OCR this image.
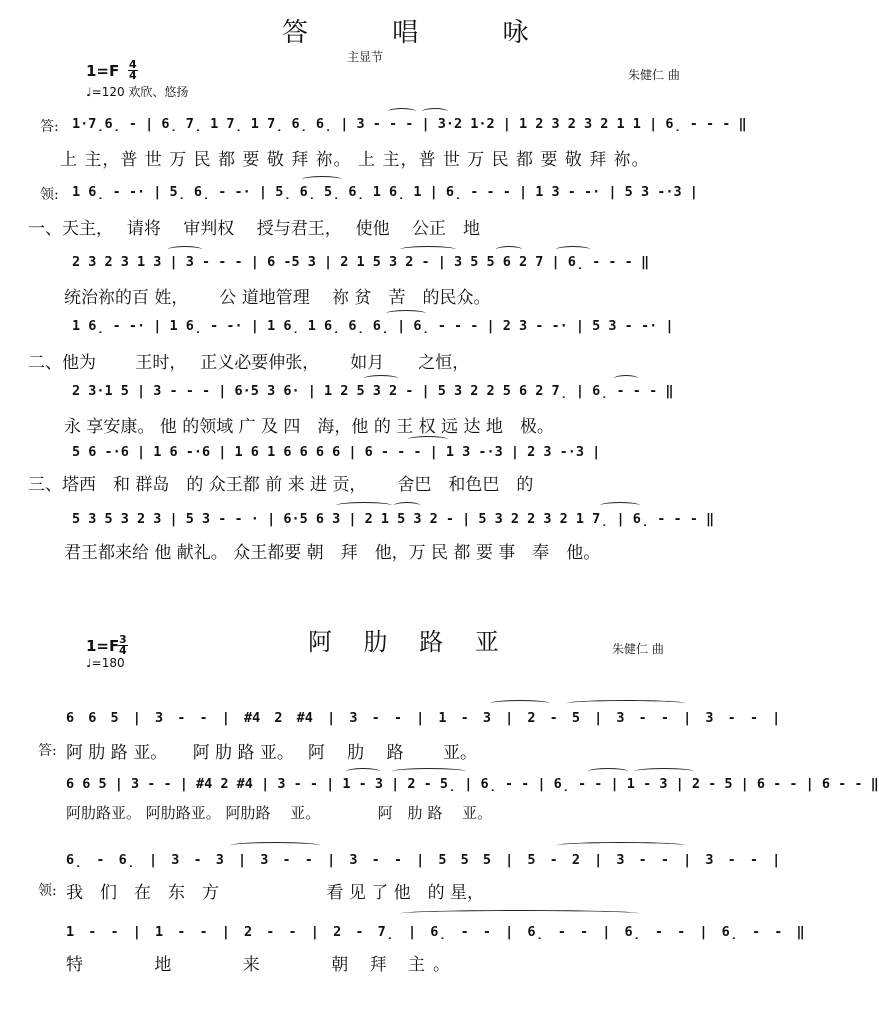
答 唱 咏
主显节
1=F 4
4
♩=120 欢欣、悠扬
朱健仁 曲
答: 1·7̣6̣ - | 6̣ 7̣ 1 7̣ 1 7̣ 6̣ 6̣ | 3 - - - | 3·2 1·2 | 1 2 3 2 3 2 1 1 | 6̣ - - - ‖
上 主，普 世 万 民 都 要 敬 拜 祢。 上 主，普 世 万 民 都 要 敬 拜 祢。
领: 1 6̣ - -· | 5̣ 6̣ - -· | 5̣ 6̣ 5̣ 6̣ 1 6̣ 1 | 6̣ - - - | 1 3 - -· | 5 3 -·3 |
一、天主，　 请将　 审判权　 授与君王，　 使他　 公正　地
2 3 2 3 1 3 | 3 - - - | 6 -5 3 | 2 1 5 3 2 - | 3 5 5 6 2 7 | 6̣ - - - ‖
统治祢的百 姓，　　 公 道地管理　 祢 贫　苦　的民众。
1 6̣ - -· | 1 6̣ - -· | 1 6̣ 1 6̣ 6̣ 6̣ | 6̣ - - - | 2 3 - -· | 5 3 - -· |
二、他为　　 王时，　 正义必要伸张，　　 如月　　之恒，
2 3·1 5 | 3 - - - | 6·5 3 6· | 1 2 5 3 2 - | 5 3 2 2 5 6 2 7̣ | 6̣ - - - ‖
永 享安康。 他 的领域 广 及 四　海，他 的 王 权 远 达 地　极。
5 6 -·6 | 1 6 -·6 | 1 6 1 6 6 6 6 | 6 - - - | 1 3 -·3 | 2 3 -·3 |
三、塔西　和 群岛　的 众王都 前 来 进 贡，　　 舍巴　和色巴　的
5 3 5 3 2 3 | 5 3 - - · | 6·5 6 3 | 2 1 5 3 2 - | 5 3 2 2 3 2 1 7̣ | 6̣ - - - ‖
君王都来给 他 献礼。 众王都要 朝　拜　他，万 民 都 要 事　奉　他。
阿 肋 路 亚
1=F 3
4
♩=180
朱健仁 曲
6 6 5 | 3 - - | #4 2 #4 | 3 - - | 1 - 3 | 2 - 5 | 3 - - | 3 - - |
答: 阿 肋 路 亚。　　阿 肋 路 亚。　 阿　 肋　 路　　 亚。
6 6 5 | 3 - - | #4 2 #4 | 3 - - | 1 - 3 | 2 - 5̣ | 6̣ - - | 6̣ - - | 1 - 3 | 2 - 5 | 6 - - | 6 - - ‖
阿肋路亚。 阿肋路亚。 阿肋路　 亚。　　　　 阿　肋 路　 亚。
6̣ - 6̣ | 3 - 3 | 3 - - | 3 - - | 5 5 5 | 5 - 2 | 3 - - | 3 - - |
领: 我　们　在　东　方　　　　　　 看 见 了 他　的 星，
1 - - | 1 - - | 2 - - | 2 - 7̣ | 6̣ - - | 6̣ - - | 6̣ - - | 6̣ - - ‖
特　　 地　　 来　　 朝 拜 主。
